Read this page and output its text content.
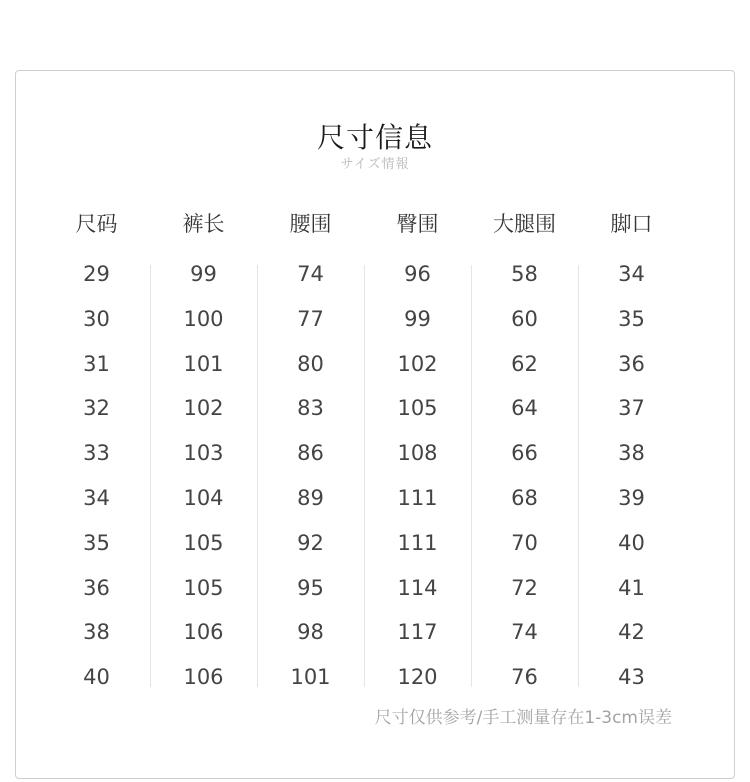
尺寸信息
サイズ情報
尺码
29
30
31
32
33
34
35
36
38
40
裤长
99
100
101
102
103
104
105
105
106
106
腰围
74
77
80
83
86
89
92
95
98
101
臀围
96
99
102
105
108
111
111
114
117
120
大腿围
58
60
62
64
66
68
70
72
74
76
脚口
34
35
36
37
38
39
40
41
42
43
尺寸仅供参考/手工测量存在1-3cm误差
